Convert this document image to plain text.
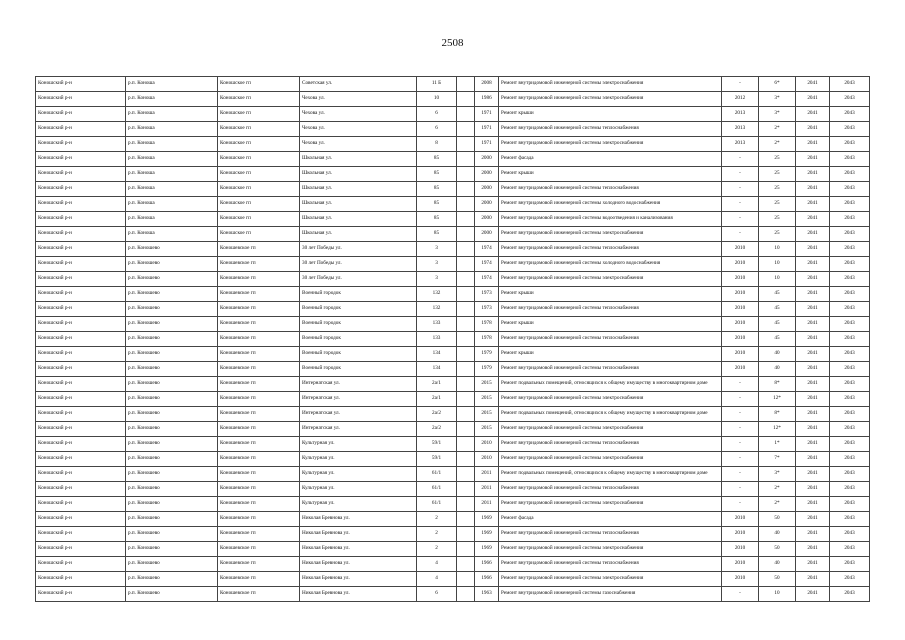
2508
Коношский р-н	р.п. Коноша	Коношское гп	Советская ул.	11 Б		2008	Ремонт внутридомовой инженерной системы электроснабжения	-	6*	2041	2043
Коношский р-н	р.п. Коноша	Коношское гп	Чехова ул.	10		1986	Ремонт внутридомовой инженерной системы электроснабжения	2012	3*	2041	2043
Коношский р-н	р.п. Коноша	Коношское гп	Чехова ул.	6		1971	Ремонт крыши	2013	3*	2041	2043
Коношский р-н	р.п. Коноша	Коношское гп	Чехова ул.	6		1971	Ремонт внутридомовой инженерной системы теплоснабжения	2013	2*	2041	2043
Коношский р-н	р.п. Коноша	Коношское гп	Чехова ул.	8		1971	Ремонт внутридомовой инженерной системы электроснабжения	2013	2*	2041	2043
Коношский р-н	р.п. Коноша	Коношское гп	Школьная ул.	85		2000	Ремонт фасада	-	25	2041	2043
Коношский р-н	р.п. Коноша	Коношское гп	Школьная ул.	85		2000	Ремонт крыши	-	25	2041	2043
Коношский р-н	р.п. Коноша	Коношское гп	Школьная ул.	85		2000	Ремонт внутридомовой инженерной системы теплоснабжения	-	25	2041	2043
Коношский р-н	р.п. Коноша	Коношское гп	Школьная ул.	85		2000	Ремонт внутридомовой инженерной системы холодного водоснабжения	-	25	2041	2043
Коношский р-н	р.п. Коноша	Коношское гп	Школьная ул.	85		2000	Ремонт внутридомовой инженерной системы водоотведения и канализования	-	25	2041	2043
Коношский р-н	р.п. Коноша	Коношское гп	Школьная ул.	85		2000	Ремонт внутридомовой инженерной системы электроснабжения	-	25	2041	2043
Коношский р-н	р.п. Коношево	Коношевское гп	30 лет Победы ул.	3		1974	Ремонт внутридомовой инженерной системы теплоснабжения	2010	10	2041	2043
Коношский р-н	р.п. Коношево	Коношевское гп	30 лет Победы ул.	3		1974	Ремонт внутридомовой инженерной системы холодного водоснабжения	2010	10	2041	2043
Коношский р-н	р.п. Коношево	Коношевское гп	30 лет Победы ул.	3		1974	Ремонт внутридомовой инженерной системы электроснабжения	2010	10	2041	2043
Коношский р-н	р.п. Коношево	Коношевское гп	Военный городок	132		1973	Ремонт крыши	2010	45	2041	2043
Коношский р-н	р.п. Коношево	Коношевское гп	Военный городок	132		1973	Ремонт внутридомовой инженерной системы теплоснабжения	2010	45	2041	2043
Коношский р-н	р.п. Коношево	Коношевское гп	Военный городок	133		1978	Ремонт крыши	2010	45	2041	2043
Коношский р-н	р.п. Коношево	Коношевское гп	Военный городок	133		1978	Ремонт внутридомовой инженерной системы теплоснабжения	2010	45	2041	2043
Коношский р-н	р.п. Коношево	Коношевское гп	Военный городок	134		1979	Ремонт крыши	2010	40	2041	2043
Коношский р-н	р.п. Коношево	Коношевское гп	Военный городок	134		1979	Ремонт внутридомовой инженерной системы теплоснабжения	2010	40	2041	2043
Коношский р-н	р.п. Коношево	Коношевское гп	Интернатская ул.	2а/1		2015	Ремонт подвальных помещений, относящихся к общему имуществу в многоквартирном доме	-	8*	2041	2043
Коношский р-н	р.п. Коношево	Коношевское гп	Интернатская ул.	2а/1		2015	Ремонт внутридомовой инженерной системы электроснабжения	-	12*	2041	2043
Коношский р-н	р.п. Коношево	Коношевское гп	Интернатская ул.	2а/2		2015	Ремонт подвальных помещений, относящихся к общему имуществу в многоквартирном доме	-	8*	2041	2043
Коношский р-н	р.п. Коношево	Коношевское гп	Интернатская ул.	2а/2		2015	Ремонт внутридомовой инженерной системы электроснабжения	-	12*	2041	2043
Коношский р-н	р.п. Коношево	Коношевское гп	Культурная ул.	59/1		2010	Ремонт внутридомовой инженерной системы теплоснабжения	-	1*	2041	2043
Коношский р-н	р.п. Коношево	Коношевское гп	Культурная ул.	59/1		2010	Ремонт внутридомовой инженерной системы электроснабжения	-	7*	2041	2043
Коношский р-н	р.п. Коношево	Коношевское гп	Культурная ул.	61/1		2011	Ремонт подвальных помещений, относящихся к общему имуществу в многоквартирном доме	-	3*	2041	2043
Коношский р-н	р.п. Коношево	Коношевское гп	Культурная ул.	61/1		2011	Ремонт внутридомовой инженерной системы теплоснабжения	-	2*	2041	2043
Коношский р-н	р.п. Коношево	Коношевское гп	Культурная ул.	61/1		2011	Ремонт внутридомовой инженерной системы электроснабжения	-	2*	2041	2043
Коношский р-н	р.п. Коношево	Коношевское гп	Николая Бревнова ул.	2		1969	Ремонт фасада	2010	50	2041	2043
Коношский р-н	р.п. Коношево	Коношевское гп	Николая Бревнова ул.	2		1969	Ремонт внутридомовой инженерной системы теплоснабжения	2010	40	2041	2043
Коношский р-н	р.п. Коношево	Коношевское гп	Николая Бревнова ул.	2		1969	Ремонт внутридомовой инженерной системы электроснабжения	2010	50	2041	2043
Коношский р-н	р.п. Коношево	Коношевское гп	Николая Бревнова ул.	4		1966	Ремонт внутридомовой инженерной системы теплоснабжения	2010	40	2041	2043
Коношский р-н	р.п. Коношево	Коношевское гп	Николая Бревнова ул.	4		1966	Ремонт внутридомовой инженерной системы электроснабжения	2010	50	2041	2043
Коношский р-н	р.п. Коношево	Коношевское гп	Николая Бревнова ул.	6		1963	Ремонт внутридомовой инженерной системы газоснабжения	-	10	2041	2043
